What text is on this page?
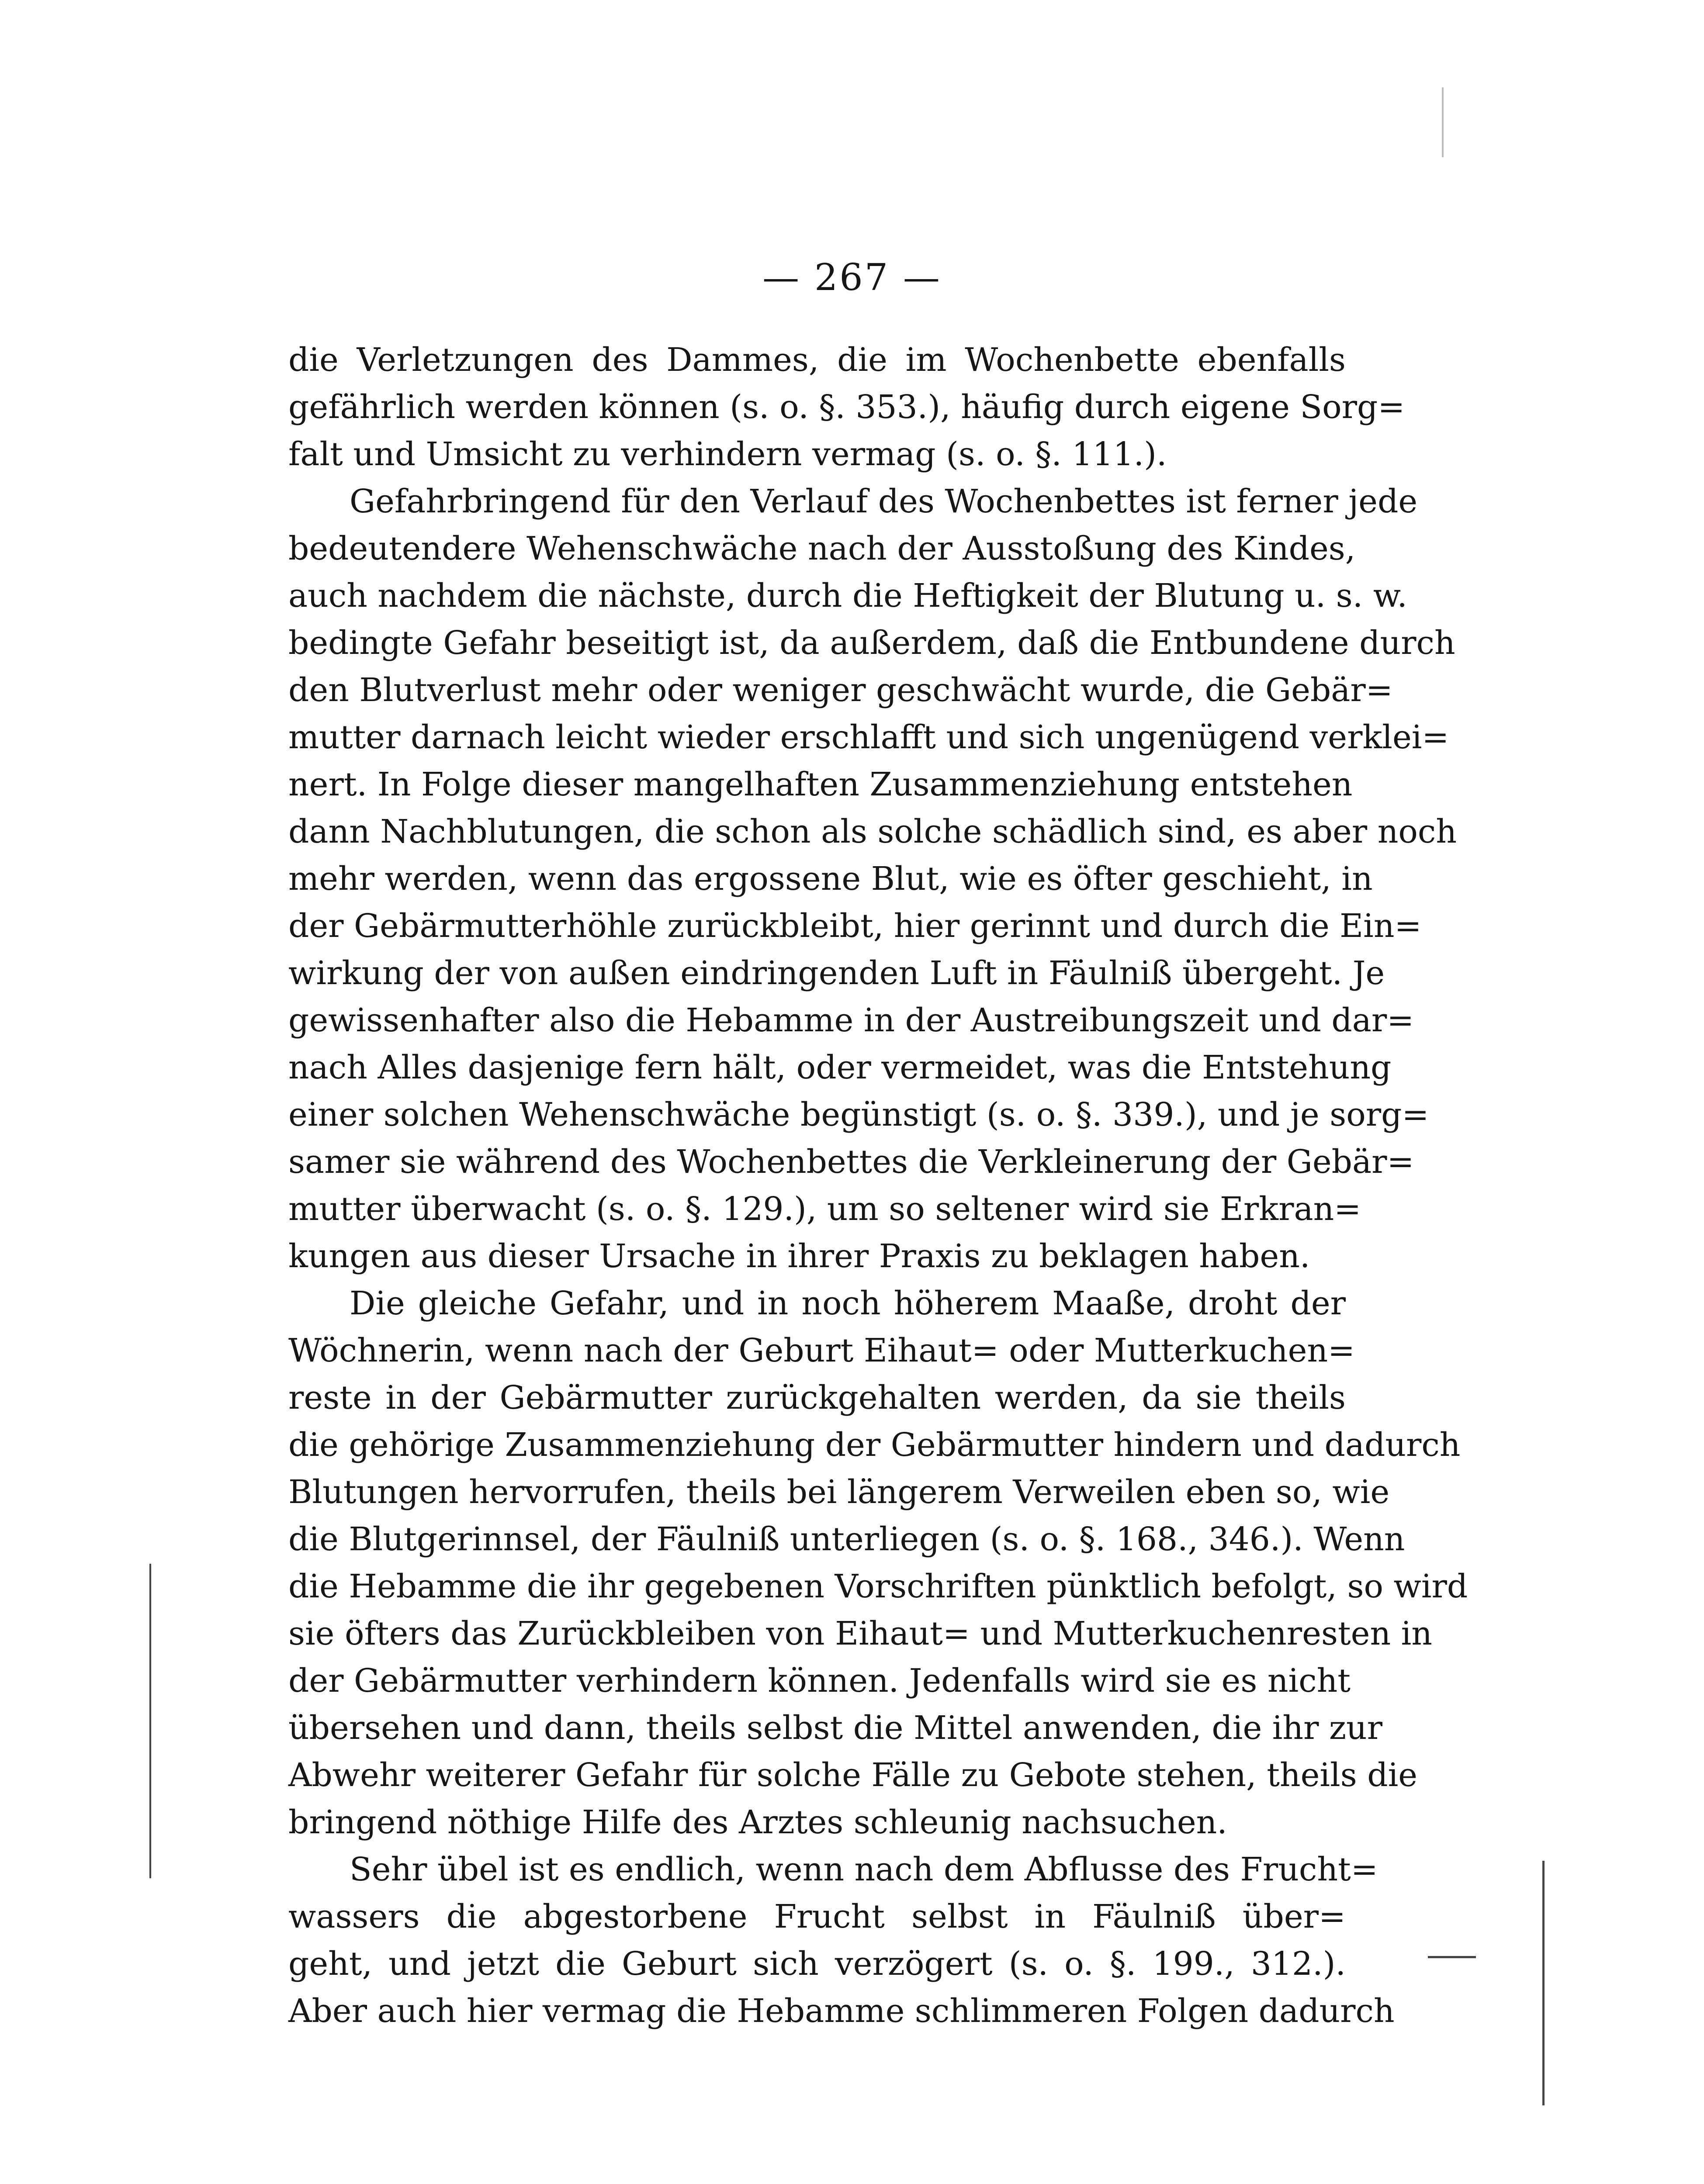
— 267 —
die Verletzungen des Dammes, die im Wochenbette ebenfalls
gefährlich werden können (s. o. §. 353.), häufig durch eigene Sorg=
falt und Umsicht zu verhindern vermag (s. o. §. 111.).
Gefahrbringend für den Verlauf des Wochenbettes ist ferner jede
bedeutendere Wehenschwäche nach der Ausstoßung des Kindes,
auch nachdem die nächste, durch die Heftigkeit der Blutung u. s. w.
bedingte Gefahr beseitigt ist, da außerdem, daß die Entbundene durch
den Blutverlust mehr oder weniger geschwächt wurde, die Gebär=
mutter darnach leicht wieder erschlafft und sich ungenügend verklei=
nert. In Folge dieser mangelhaften Zusammenziehung entstehen
dann Nachblutungen, die schon als solche schädlich sind, es aber noch
mehr werden, wenn das ergossene Blut, wie es öfter geschieht, in
der Gebärmutterhöhle zurückbleibt, hier gerinnt und durch die Ein=
wirkung der von außen eindringenden Luft in Fäulniß übergeht. Je
gewissenhafter also die Hebamme in der Austreibungszeit und dar=
nach Alles dasjenige fern hält, oder vermeidet, was die Entstehung
einer solchen Wehenschwäche begünstigt (s. o. §. 339.), und je sorg=
samer sie während des Wochenbettes die Verkleinerung der Gebär=
mutter überwacht (s. o. §. 129.), um so seltener wird sie Erkran=
kungen aus dieser Ursache in ihrer Praxis zu beklagen haben.
Die gleiche Gefahr, und in noch höherem Maaße, droht der
Wöchnerin, wenn nach der Geburt Eihaut= oder Mutterkuchen=
reste in der Gebärmutter zurückgehalten werden, da sie theils
die gehörige Zusammenziehung der Gebärmutter hindern und dadurch
Blutungen hervorrufen, theils bei längerem Verweilen eben so, wie
die Blutgerinnsel, der Fäulniß unterliegen (s. o. §. 168., 346.). Wenn
die Hebamme die ihr gegebenen Vorschriften pünktlich befolgt, so wird
sie öfters das Zurückbleiben von Eihaut= und Mutterkuchenresten in
der Gebärmutter verhindern können. Jedenfalls wird sie es nicht
übersehen und dann, theils selbst die Mittel anwenden, die ihr zur
Abwehr weiterer Gefahr für solche Fälle zu Gebote stehen, theils die
bringend nöthige Hilfe des Arztes schleunig nachsuchen.
Sehr übel ist es endlich, wenn nach dem Abflusse des Frucht=
wassers die abgestorbene Frucht selbst in Fäulniß über=
geht, und jetzt die Geburt sich verzögert (s. o. §. 199., 312.).
Aber auch hier vermag die Hebamme schlimmeren Folgen dadurch
